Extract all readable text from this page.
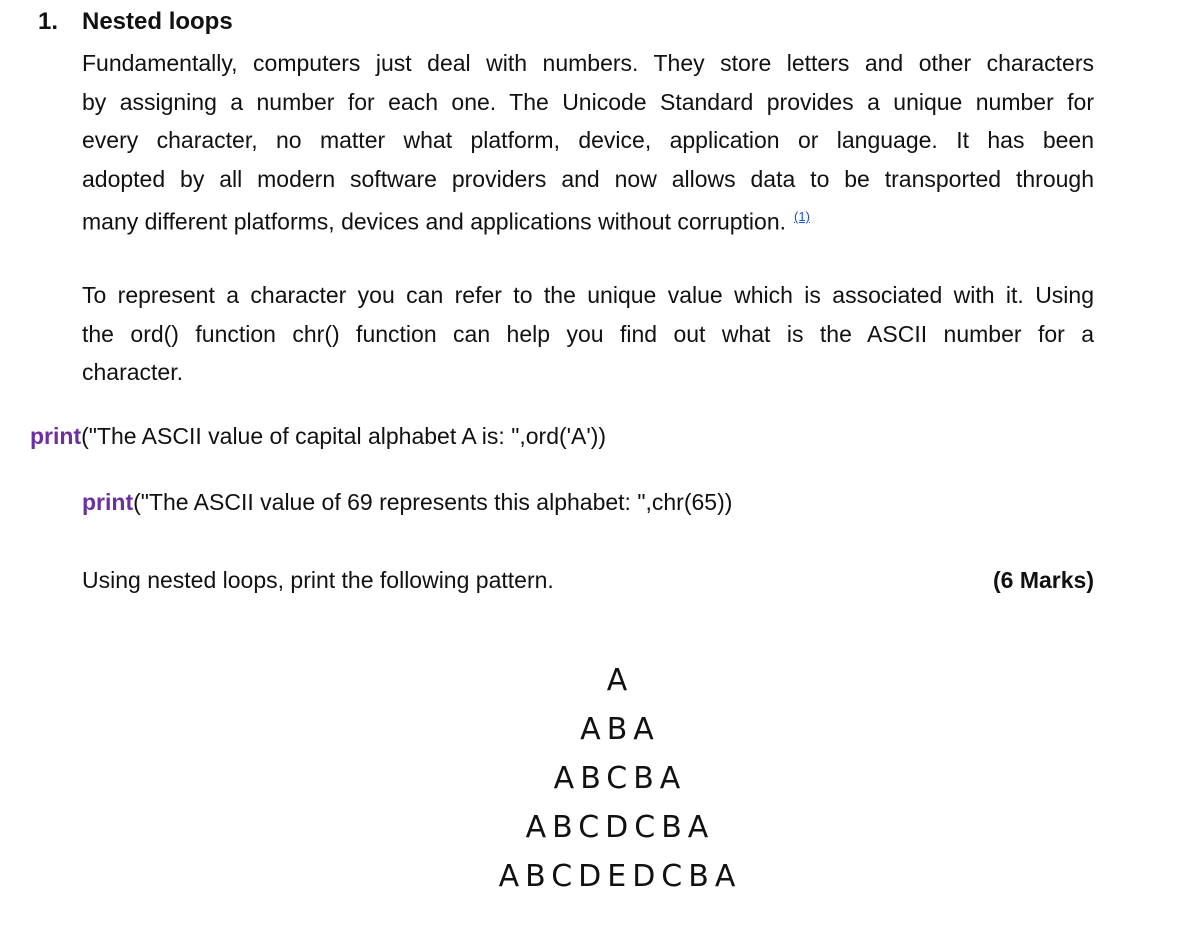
1. Nested loops
Fundamentally, computers just deal with numbers. They store letters and other characters
by assigning a number for each one. The Unicode Standard provides a unique number for
every character, no matter what platform, device, application or language. It has been
adopted by all modern software providers and now allows data to be transported through
many different platforms, devices and applications without corruption. $^{(1)}$
To represent a character you can refer to the unique value which is associated with it. Using
the ord() function chr() function can help you find out what is the ASCII number for a
character.
print("The ASCII value of capital alphabet A is: ",ord('A'))
print("The ASCII value of 69 represents this alphabet: ",chr(65))
Using nested loops, print the following pattern.	(6 Marks)
A
ABA
ABCBA
ABCDCBA
ABCDEDCBA
